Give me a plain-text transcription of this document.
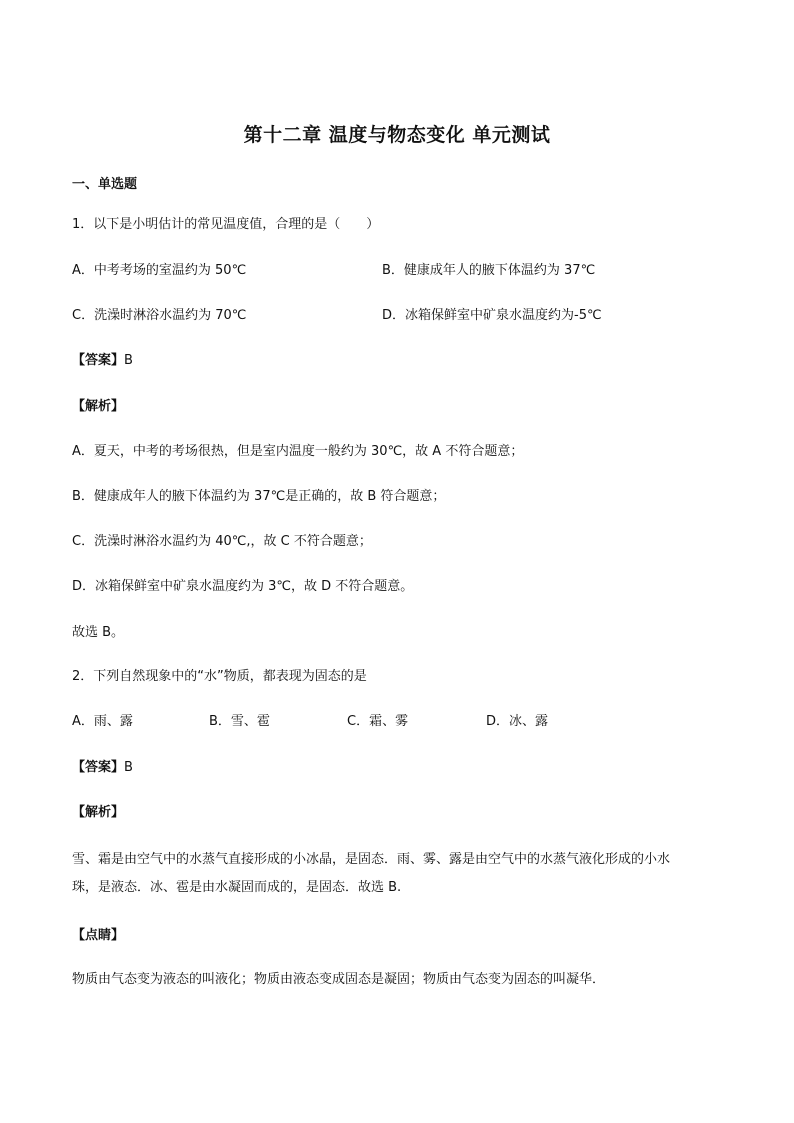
第十二章 温度与物态变化 单元测试
一、单选题
1．以下是小明估计的常见温度值，合理的是（　　）
A．中考考场的室温约为 50℃	B．健康成年人的腋下体温约为 37℃
C．洗澡时淋浴水温约为 70℃	D．冰箱保鲜室中矿泉水温度约为-5℃
【答案】B
【解析】
A．夏天，中考的考场很热，但是室内温度一般约为 30℃，故 A 不符合题意；
B．健康成年人的腋下体温约为 37℃是正确的，故 B 符合题意；
C．洗澡时淋浴水温约为 40℃,，故 C 不符合题意；
D．冰箱保鲜室中矿泉水温度约为 3℃，故 D 不符合题意。
故选 B。
2．下列自然现象中的“水”物质，都表现为固态的是
A．雨、露	B．雪、雹	C．霜、雾	D．冰、露
【答案】B
【解析】
雪、霜是由空气中的水蒸气直接形成的小冰晶，是固态．雨、雾、露是由空气中的水蒸气液化形成的小水
珠，是液态．冰、雹是由水凝固而成的，是固态．故选 B.
【点睛】
物质由气态变为液态的叫液化；物质由液态变成固态是凝固；物质由气态变为固态的叫凝华．
